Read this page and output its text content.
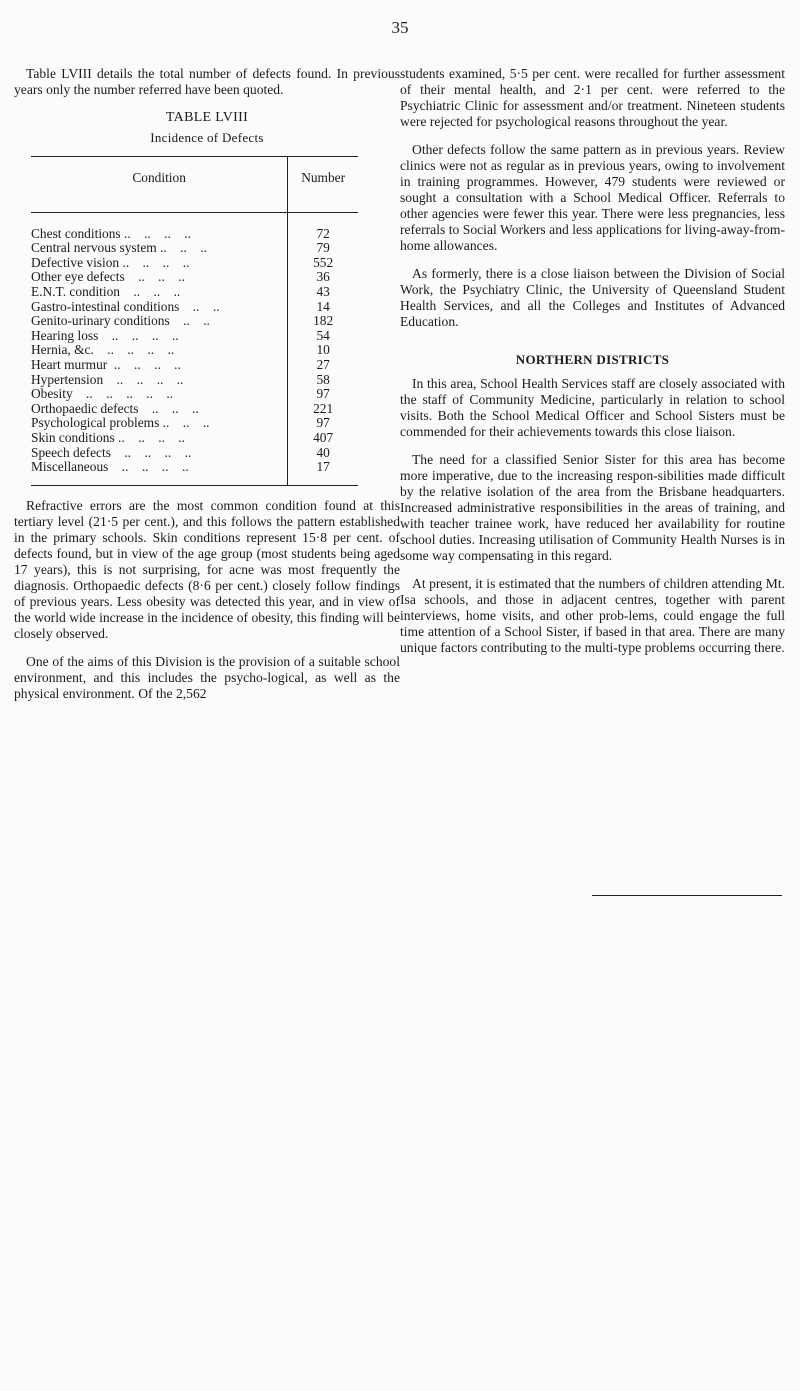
35

Table LVIII details the total number of defects found. In previous years only the number referred have been quoted.

TABLE LVIII
Incidence of Defects
Condition	Number
Chest conditions ..    ..    ..    ..	72
Central nervous system ..    ..    ..	79
Defective vision ..    ..    ..    ..	552
Other eye defects    ..    ..    ..	36
E.N.T. condition    ..    ..    ..	43
Gastro-intestinal conditions    ..    ..	14
Genito-urinary conditions    ..    ..	182
Hearing loss    ..    ..    ..    ..	54
Hernia, &c.    ..    ..    ..    ..	10
Heart murmur  ..    ..    ..    ..	27
Hypertension    ..    ..    ..    ..	58
Obesity    ..    ..    ..    ..    ..	97
Orthopaedic defects    ..    ..    ..	221
Psychological problems ..    ..    ..	97
Skin conditions ..    ..    ..    ..	407
Speech defects    ..    ..    ..    ..	40
Miscellaneous    ..    ..    ..    ..	17

Refractive errors are the most common condition found at this tertiary level (21·5 per cent.), and this follows the pattern established in the primary schools. Skin conditions represent 15·8 per cent. of defects found, but in view of the age group (most students being aged 17 years), this is not surprising, for acne was most frequently the diagnosis. Orthopaedic defects (8·6 per cent.) closely follow findings of previous years. Less obesity was detected this year, and in view of the world wide increase in the incidence of obesity, this finding will be closely observed.

One of the aims of this Division is the provision of a suitable school environment, and this includes the psycho-logical, as well as the physical environment. Of the 2,562

students examined, 5·5 per cent. were recalled for further assessment of their mental health, and 2·1 per cent. were referred to the Psychiatric Clinic for assessment and/or treatment. Nineteen students were rejected for psychological reasons throughout the year.

Other defects follow the same pattern as in previous years. Review clinics were not as regular as in previous years, owing to involvement in training programmes. However, 479 students were reviewed or sought a consultation with a School Medical Officer. Referrals to other agencies were fewer this year. There were less pregnancies, less referrals to Social Workers and less applications for living-away-from-home allowances.

As formerly, there is a close liaison between the Division of Social Work, the Psychiatry Clinic, the University of Queensland Student Health Services, and all the Colleges and Institutes of Advanced Education.

NORTHERN DISTRICTS

In this area, School Health Services staff are closely associated with the staff of Community Medicine, particularly in relation to school visits. Both the School Medical Officer and School Sisters must be commended for their achievements towards this close liaison.

The need for a classified Senior Sister for this area has become more imperative, due to the increasing respon-sibilities made difficult by the relative isolation of the area from the Brisbane headquarters. Increased administrative responsibilities in the areas of training, and with teacher trainee work, have reduced her availability for routine school duties. Increasing utilisation of Community Health Nurses is in some way compensating in this regard.

At present, it is estimated that the numbers of children attending Mt. Isa schools, and those in adjacent centres, together with parent interviews, home visits, and other prob-lems, could engage the full time attention of a School Sister, if based in that area. There are many unique factors contributing to the multi-type problems occurring there.
